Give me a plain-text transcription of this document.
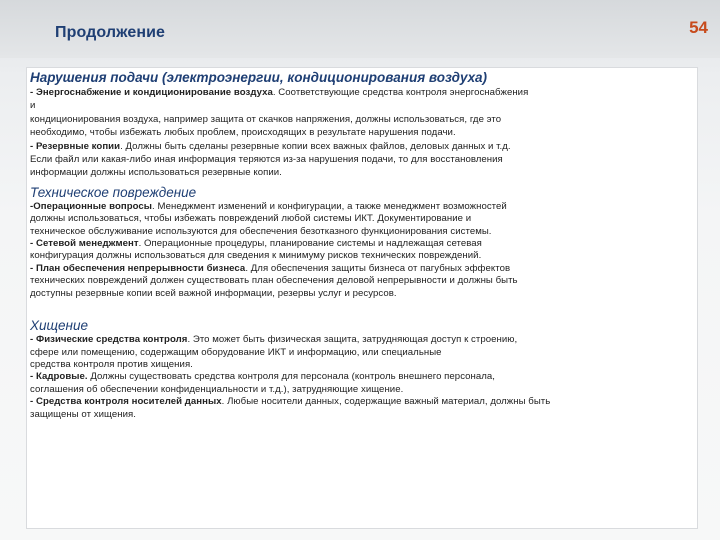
Продолжение	54

Нарушения подачи (электроэнергии, кондиционирования воздуха)

- Энергоснабжение и кондиционирование воздуха. Соответствующие средства контроля энергоснабжения

и

кондиционирования воздуха, например защита от скачков напряжения, должны использоваться, где это

необходимо, чтобы избежать любых проблем, происходящих в результате нарушения подачи.

- Резервные копии. Должны быть сделаны резервные копии всех важных файлов, деловых данных и т.д.

Если файл или какая-либо иная информация теряются из-за нарушения подачи, то для восстановления

информации должны использоваться резервные копии.

Техническое повреждение

-Операционные вопросы. Менеджмент изменений и конфигурации, а также менеджмент возможностей

должны использоваться, чтобы избежать повреждений любой системы ИКТ. Документирование и

техническое обслуживание используются для обеспечения безотказного функционирования системы.

- Сетевой менеджмент. Операционные процедуры, планирование системы и надлежащая сетевая

конфигурация должны использоваться для сведения к минимуму рисков технических повреждений.

- План обеспечения непрерывности бизнеса. Для обеспечения защиты бизнеса от пагубных эффектов

технических повреждений должен существовать план обеспечения деловой непрерывности и должны быть

доступны резервные копии всей важной информации, резервы услуг и ресурсов.

Хищение

- Физические средства контроля. Это может быть физическая защита, затрудняющая доступ к строению,

сфере или помещению, содержащим оборудование ИКТ и информацию, или специальные

средства контроля против хищения.

- Кадровые. Должны существовать средства контроля для персонала (контроль внешнего персонала,

соглашения об обеспечении конфиденциальности и т.д.), затрудняющие хищение.

- Средства контроля носителей данных. Любые носители данных, содержащие важный материал, должны быть

защищены от хищения.
